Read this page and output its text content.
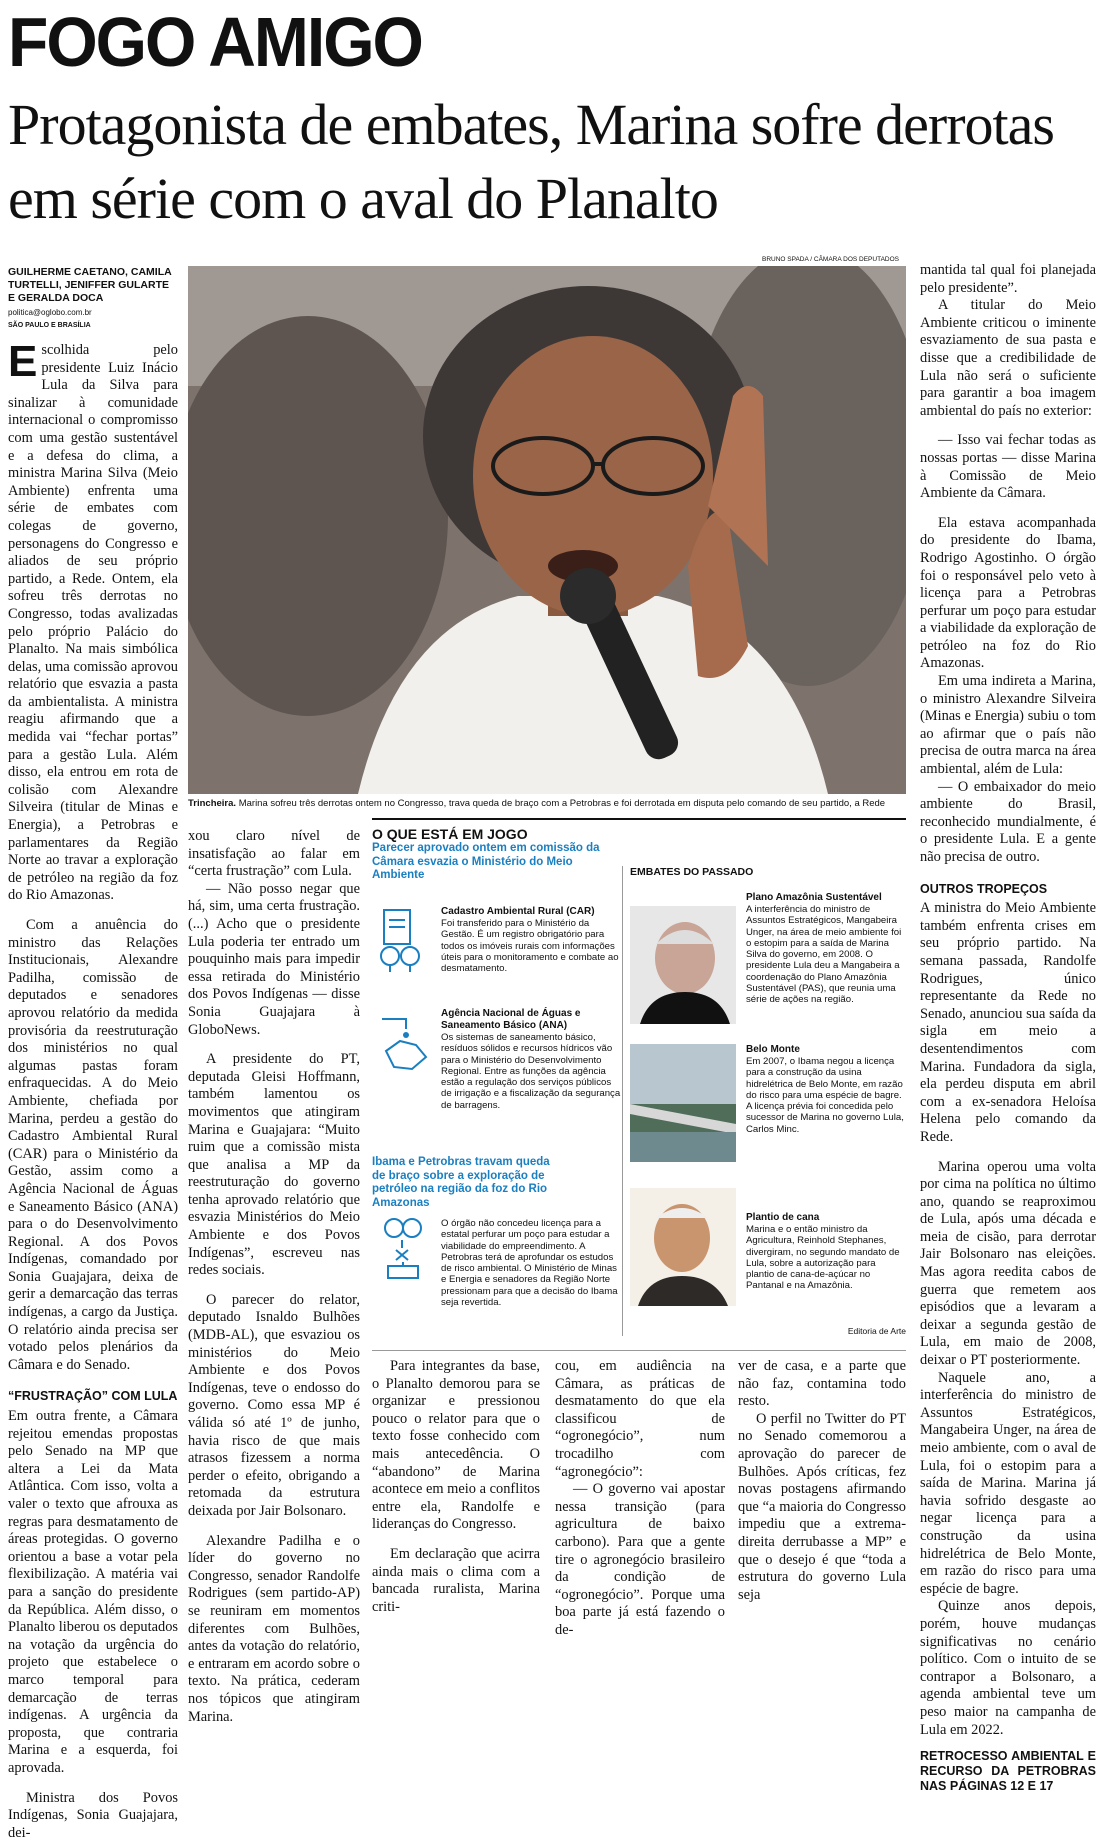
FOGO AMIGO
Protagonista de embates, Marina sofre derrotas em série com o aval do Planalto
GUILHERME CAETANO, CAMILA TURTELLI, JENIFFER GULARTE E GERALDA DOCA
politica@oglobo.com.br
SÃO PAULO E BRASÍLIA
BRUNO SPADA / CÂMARA DOS DEPUTADOS
Trincheira. Marina sofreu três derrotas ontem no Congresso, trava queda de braço com a Petrobras e foi derrotada em disputa pelo comando de seu partido, a Rede

Escolhida pelo presidente Luiz Inácio Lula da Silva para sinalizar à comunidade internacional o compromisso com uma gestão sustentável e a defesa do clima, a ministra Marina Silva (Meio Ambiente) enfrenta uma série de embates com colegas de governo, personagens do Congresso e aliados de seu próprio partido, a Rede. Ontem, ela sofreu três derrotas no Congresso, todas avalizadas pelo próprio Palácio do Planalto. Na mais simbólica delas, uma comissão aprovou relatório que esvazia a pasta da ambientalista. A ministra reagiu afirmando que a medida vai “fechar portas” para a gestão Lula. Além disso, ela entrou em rota de colisão com Alexandre Silveira (titular de Minas e Energia), a Petrobras e parlamentares da Região Norte ao travar a exploração de petróleo na região da foz do Rio Amazonas.

Com a anuência do ministro das Relações Institucionais, Alexandre Padilha, comissão de deputados e senadores aprovou relatório da medida provisória da reestruturação dos ministérios no qual algumas pastas foram enfraquecidas. A do Meio Ambiente, chefiada por Marina, perdeu a gestão do Cadastro Ambiental Rural (CAR) para o Ministério da Gestão, assim como a Agência Nacional de Águas e Saneamento Básico (ANA) para o do Desenvolvimento Regional. A dos Povos Indígenas, comandado por Sonia Guajajara, deixa de gerir a demarcação das terras indígenas, a cargo da Justiça. O relatório ainda precisa ser votado pelos plenários da Câmara e do Senado.

“FRUSTRAÇÃO” COM LULA

Em outra frente, a Câmara rejeitou emendas propostas pelo Senado na MP que altera a Lei da Mata Atlântica. Com isso, volta a valer o texto que afrouxa as regras para desmatamento de áreas protegidas. O governo orientou a base a votar pela flexibilização. A matéria vai para a sanção do presidente da República. Além disso, o Planalto liberou os deputados na votação da urgência do projeto que estabelece o marco temporal para demarcação de terras indígenas. A urgência da proposta, que contraria Marina e a esquerda, foi aprovada.

Ministra dos Povos Indígenas, Sonia Guajajara, dei-

xou claro nível de insatisfação ao falar em “certa frustração” com Lula.

— Não posso negar que há, sim, uma certa frustração. (...) Acho que o presidente Lula poderia ter entrado um pouquinho mais para impedir essa retirada do Ministério dos Povos Indígenas — disse Sonia Guajajara à GloboNews.

A presidente do PT, deputada Gleisi Hoffmann, também lamentou os movimentos que atingiram Marina e Guajajara: “Muito ruim que a comissão mista que analisa a MP da reestruturação do governo tenha aprovado relatório que esvazia Ministérios do Meio Ambiente e dos Povos Indígenas”, escreveu nas redes sociais.

O parecer do relator, deputado Isnaldo Bulhões (MDB-AL), que esvaziou os ministérios do Meio Ambiente e dos Povos Indígenas, teve o endosso do governo. Como essa MP é válida só até 1º de junho, havia risco de que mais atrasos fizessem a norma perder o efeito, obrigando a retomada da estrutura deixada por Jair Bolsonaro.

Alexandre Padilha e o líder do governo no Congresso, senador Randolfe Rodrigues (sem partido-AP) se reuniram em momentos diferentes com Bulhões, antes da votação do relatório, e entraram em acordo sobre o texto. Na prática, cederam nos tópicos que atingiram Marina.

O QUE ESTÁ EM JOGO
Parecer aprovado ontem em comissão da Câmara esvazia o Ministério do Meio Ambiente
Cadastro Ambiental Rural (CAR)
Foi transferido para o Ministério da Gestão. É um registro obrigatório para todos os imóveis rurais com informações úteis para o monitoramento e combate ao desmatamento.
Agência Nacional de Águas e Saneamento Básico (ANA)
Os sistemas de saneamento básico, resíduos sólidos e recursos hídricos vão para o Ministério do Desenvolvimento Regional. Entre as funções da agência estão a regulação dos serviços públicos de irrigação e a fiscalização da segurança de barragens.
Ibama e Petrobras travam queda de braço sobre a exploração de petróleo na região da foz do Rio Amazonas
O órgão não concedeu licença para a estatal perfurar um poço para estudar a viabilidade do empreendimento. A Petrobras terá de aprofundar os estudos de risco ambiental. O Ministério de Minas e Energia e senadores da Região Norte pressionam para que a decisão do Ibama seja revertida.
EMBATES DO PASSADO
Plano Amazônia Sustentável
A interferência do ministro de Assuntos Estratégicos, Mangabeira Unger, na área de meio ambiente foi o estopim para a saída de Marina Silva do governo, em 2008. O presidente Lula deu a Mangabeira a coordenação do Plano Amazônia Sustentável (PAS), que reunia uma série de ações na região.
Belo Monte
Em 2007, o Ibama negou a licença para a construção da usina hidrelétrica de Belo Monte, em razão do risco para uma espécie de bagre. A licença prévia foi concedida pelo sucessor de Marina no governo Lula, Carlos Minc.
Plantio de cana
Marina e o então ministro da Agricultura, Reinhold Stephanes, divergiram, no segundo mandato de Lula, sobre a autorização para plantio de cana-de-açúcar no Pantanal e na Amazônia.
Editoria de Arte

Para integrantes da base, o Planalto demorou para se organizar e pressionou pouco o relator para que o texto fosse conhecido com mais antecedência. O “abandono” de Marina acontece em meio a conflitos entre ela, Randolfe e lideranças do Congresso.

Em declaração que acirra ainda mais o clima com a bancada ruralista, Marina criti-

cou, em audiência na Câmara, as práticas de desmatamento do que ela classificou de “ogronegócio”, num trocadilho com “agronegócio”:

— O governo vai apostar nessa transição (para agricultura de baixo carbono). Para que a gente tire o agronegócio brasileiro da condição de “ogronegócio”. Porque uma boa parte já está fazendo o de-

ver de casa, e a parte que não faz, contamina todo resto.

O perfil no Twitter do PT no Senado comemorou a aprovação do parecer de Bulhões. Após críticas, fez novas postagens afirmando que “a maioria do Congresso impediu que a extrema-direita derrubasse a MP” e que o desejo é que “toda a estrutura do governo Lula seja

mantida tal qual foi planejada pelo presidente”.

A titular do Meio Ambiente criticou o iminente esvaziamento de sua pasta e disse que a credibilidade de Lula não será o suficiente para garantir a boa imagem ambiental do país no exterior:

— Isso vai fechar todas as nossas portas — disse Marina à Comissão de Meio Ambiente da Câmara.

Ela estava acompanhada do presidente do Ibama, Rodrigo Agostinho. O órgão foi o responsável pelo veto à licença para a Petrobras perfurar um poço para estudar a viabilidade da exploração de petróleo na foz do Rio Amazonas.

Em uma indireta a Marina, o ministro Alexandre Silveira (Minas e Energia) subiu o tom ao afirmar que o país não precisa de outra marca na área ambiental, além de Lula:

— O embaixador do meio ambiente do Brasil, reconhecido mundialmente, é o presidente Lula. E a gente não precisa de outro.

OUTROS TROPEÇOS

A ministra do Meio Ambiente também enfrenta crises em seu próprio partido. Na semana passada, Randolfe Rodrigues, único representante da Rede no Senado, anunciou sua saída da sigla em meio a desentendimentos com Marina. Fundadora da sigla, ela perdeu disputa em abril com a ex-senadora Heloísa Helena pelo comando da Rede.

Marina operou uma volta por cima na política no último ano, quando se reaproximou de Lula, após uma década e meia de cisão, para derrotar Jair Bolsonaro nas eleições. Mas agora reedita cabos de guerra que remetem aos episódios que a levaram a deixar a segunda gestão de Lula, em maio de 2008, deixar o PT posteriormente.

Naquele ano, a interferência do ministro de Assuntos Estratégicos, Mangabeira Unger, na área de meio ambiente, com o aval de Lula, foi o estopim para a saída de Marina. Marina já havia sofrido desgaste ao negar licença para a construção da usina hidrelétrica de Belo Monte, em razão do risco para uma espécie de bagre.

Quinze anos depois, porém, houve mudanças significativas no cenário político. Com o intuito de se contrapor a Bolsonaro, a agenda ambiental teve um peso maior na campanha de Lula em 2022.

RETROCESSO AMBIENTAL E RECURSO DA PETROBRAS NAS PÁGINAS 12 E 17
